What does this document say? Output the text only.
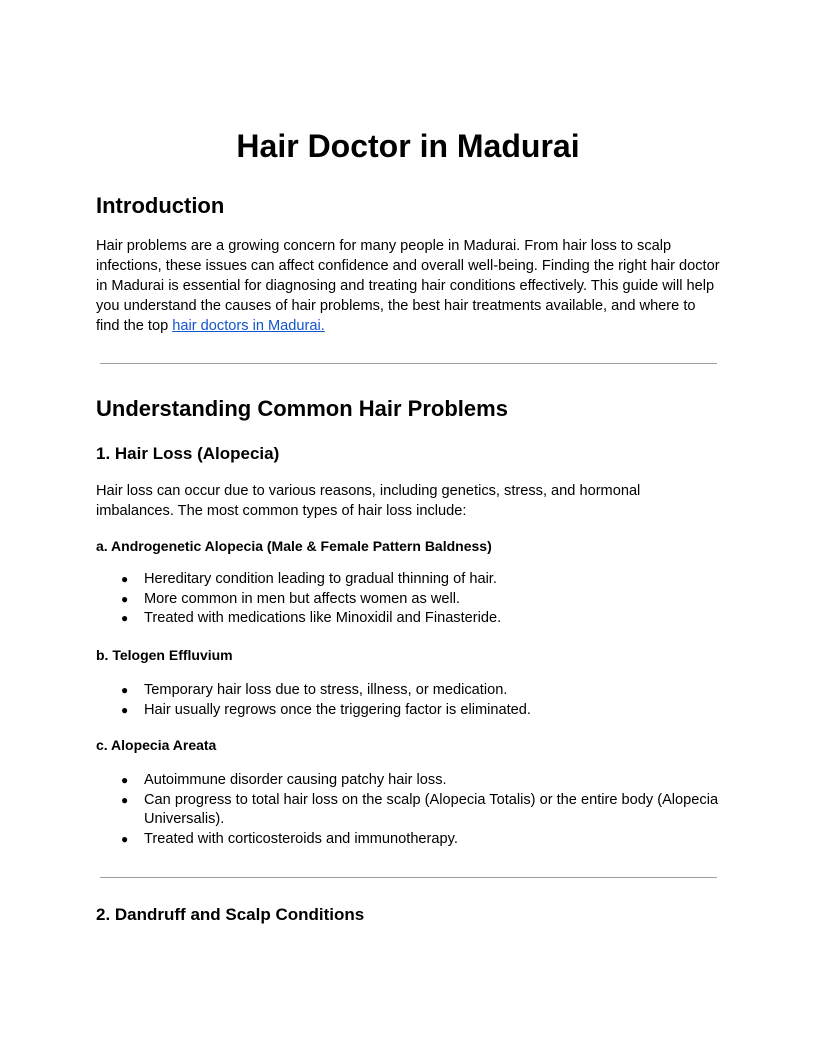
Hair Doctor in Madurai
Introduction

Hair problems are a growing concern for many people in Madurai. From hair loss to scalp infections, these issues can affect confidence and overall well-being. Finding the right hair doctor in Madurai is essential for diagnosing and treating hair conditions effectively. This guide will help you understand the causes of hair problems, the best hair treatments available, and where to find the top hair doctors in Madurai.

Understanding Common Hair Problems
1. Hair Loss (Alopecia)

Hair loss can occur due to various reasons, including genetics, stress, and hormonal imbalances. The most common types of hair loss include:

a. Androgenetic Alopecia (Male & Female Pattern Baldness)
● Hereditary condition leading to gradual thinning of hair.
● More common in men but affects women as well.
● Treated with medications like Minoxidil and Finasteride.
b. Telogen Effluvium
● Temporary hair loss due to stress, illness, or medication.
● Hair usually regrows once the triggering factor is eliminated.
c. Alopecia Areata
● Autoimmune disorder causing patchy hair loss.
● Can progress to total hair loss on the scalp (Alopecia Totalis) or the entire body (Alopecia Universalis).
● Treated with corticosteroids and immunotherapy.
2. Dandruff and Scalp Conditions
